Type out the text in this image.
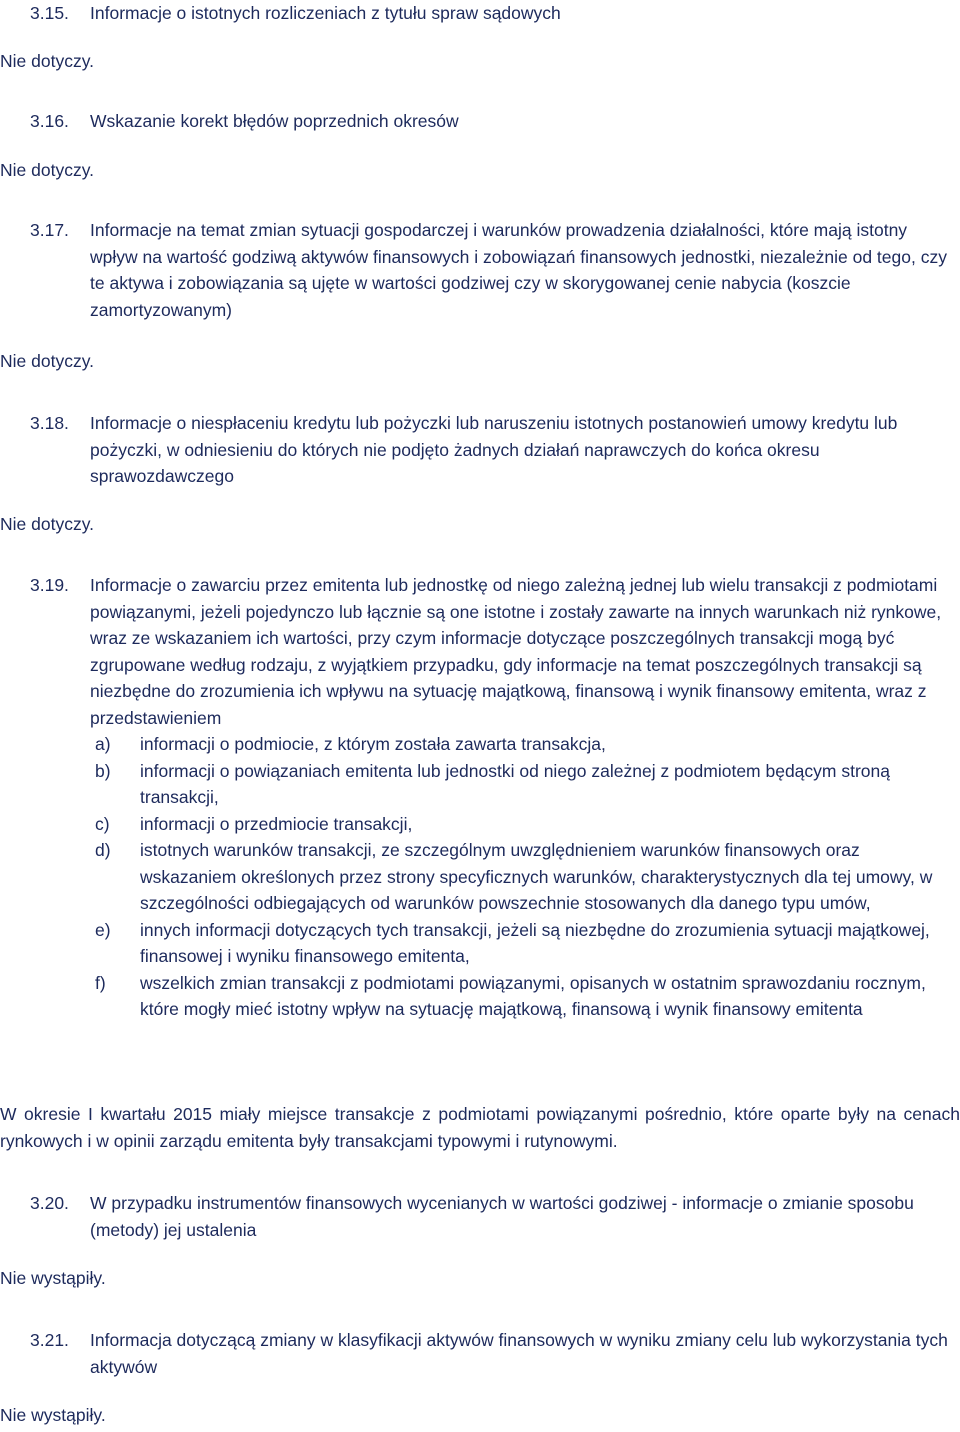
3.15.	Informacje o istotnych rozliczeniach z tytułu spraw sądowych
Nie dotyczy.
3.16.	Wskazanie korekt błędów poprzednich okresów
Nie dotyczy.
3.17.	Informacje na temat zmian sytuacji gospodarczej i warunków prowadzenia działalności, które mają istotny wpływ na wartość godziwą aktywów finansowych i zobowiązań finansowych jednostki, niezależnie od tego, czy te aktywa i zobowiązania są ujęte w wartości godziwej czy w skorygowanej cenie nabycia (koszcie zamortyzowanym)
Nie dotyczy.
3.18.	Informacje o niespłaceniu kredytu lub pożyczki lub naruszeniu istotnych postanowień umowy kredytu lub pożyczki, w odniesieniu do których nie podjęto żadnych działań naprawczych do końca okresu sprawozdawczego
Nie dotyczy.
3.19.	Informacje o zawarciu przez emitenta lub jednostkę od niego zależną jednej lub wielu transakcji z podmiotami powiązanymi, jeżeli pojedynczo lub łącznie są one istotne i zostały zawarte na innych warunkach niż rynkowe, wraz ze wskazaniem ich wartości, przy czym informacje dotyczące poszczególnych transakcji mogą być zgrupowane według rodzaju, z wyjątkiem przypadku, gdy informacje na temat poszczególnych transakcji są niezbędne do zrozumienia ich wpływu na sytuację majątkową, finansową i wynik finansowy emitenta, wraz z przedstawieniem
a)	informacji o podmiocie, z którym została zawarta transakcja,
b)	informacji o powiązaniach emitenta lub jednostki od niego zależnej z podmiotem będącym stroną transakcji,
c)	informacji o przedmiocie transakcji,
d)	istotnych warunków transakcji, ze szczególnym uwzględnieniem warunków finansowych oraz wskazaniem określonych przez strony specyficznych warunków, charakterystycznych dla tej umowy, w szczególności odbiegających od warunków powszechnie stosowanych dla danego typu umów,
e)	innych informacji dotyczących tych transakcji, jeżeli są niezbędne do zrozumienia sytuacji majątkowej, finansowej i wyniku finansowego emitenta,
f)	wszelkich zmian transakcji z podmiotami powiązanymi, opisanych w ostatnim sprawozdaniu rocznym, które mogły mieć istotny wpływ na sytuację majątkową, finansową i wynik finansowy emitenta
W okresie I kwartału 2015 miały miejsce transakcje z podmiotami powiązanymi pośrednio, które oparte były na cenach rynkowych i w opinii zarządu emitenta były transakcjami typowymi i rutynowymi.
3.20.	W przypadku instrumentów finansowych wycenianych w wartości godziwej - informacje o zmianie sposobu (metody) jej ustalenia
Nie wystąpiły.
3.21.	Informacja dotyczącą zmiany w klasyfikacji aktywów finansowych w wyniku zmiany celu lub wykorzystania tych aktywów
Nie wystąpiły.
